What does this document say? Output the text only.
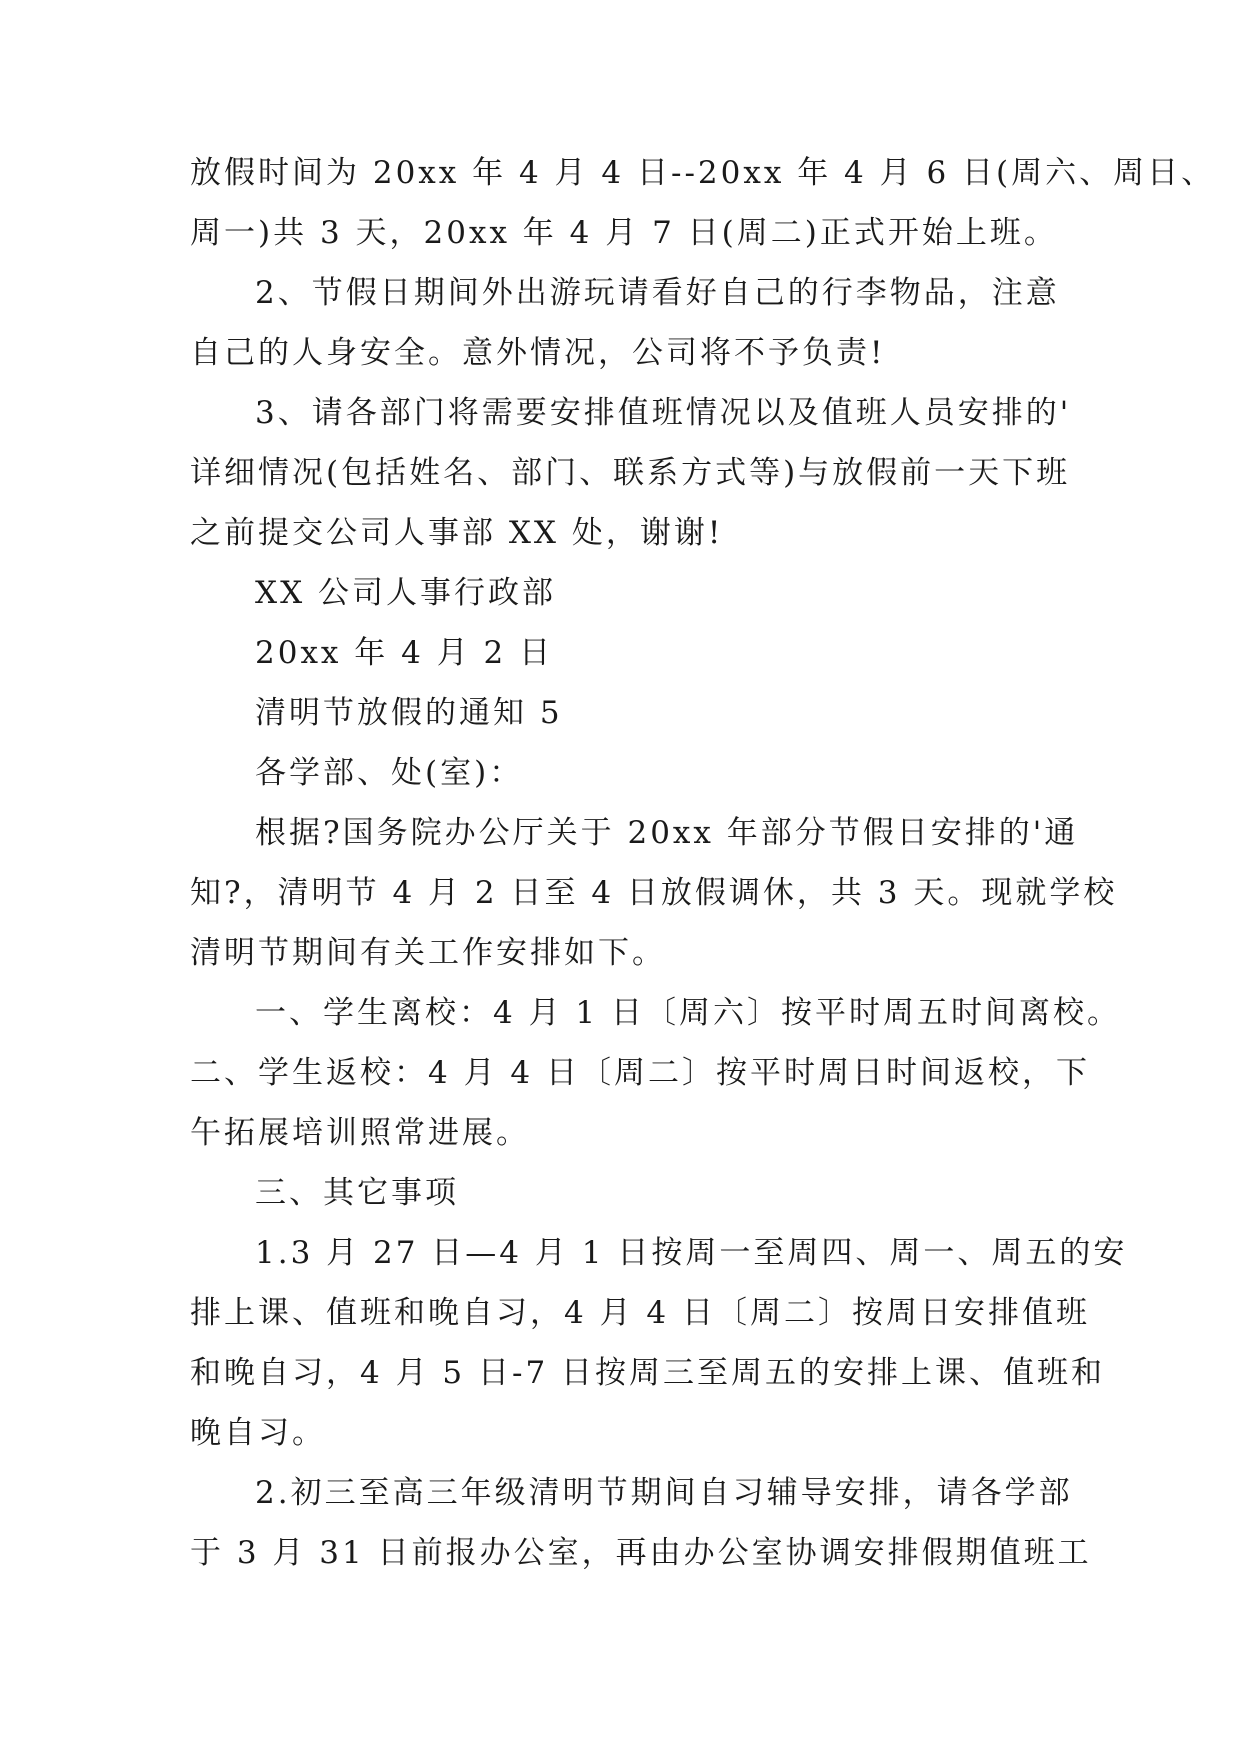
放假时间为 20xx 年 4 月 4 日--20xx 年 4 月 6 日(周六、周日、
周一)共 3 天，20xx 年 4 月 7 日(周二)正式开始上班。
2、节假日期间外出游玩请看好自己的行李物品，注意
自己的人身安全。意外情况，公司将不予负责!
3、请各部门将需要安排值班情况以及值班人员安排的'
详细情况(包括姓名、部门、联系方式等)与放假前一天下班
之前提交公司人事部 XX 处，谢谢!
XX 公司人事行政部
20xx 年 4 月 2 日
清明节放假的通知 5
各学部、处(室)：
根据?国务院办公厅关于 20xx 年部分节假日安排的'通
知?，清明节 4 月 2 日至 4 日放假调休，共 3 天。现就学校
清明节期间有关工作安排如下。
一、学生离校：4 月 1 日〔周六〕按平时周五时间离校。
二、学生返校：4 月 4 日〔周二〕按平时周日时间返校，下
午拓展培训照常进展。
三、其它事项
1.3 月 27 日—4 月 1 日按周一至周四、周一、周五的安
排上课、值班和晚自习，4 月 4 日〔周二〕按周日安排值班
和晚自习，4 月 5 日-7 日按周三至周五的安排上课、值班和
晚自习。
2.初三至高三年级清明节期间自习辅导安排，请各学部
于 3 月 31 日前报办公室，再由办公室协调安排假期值班工
